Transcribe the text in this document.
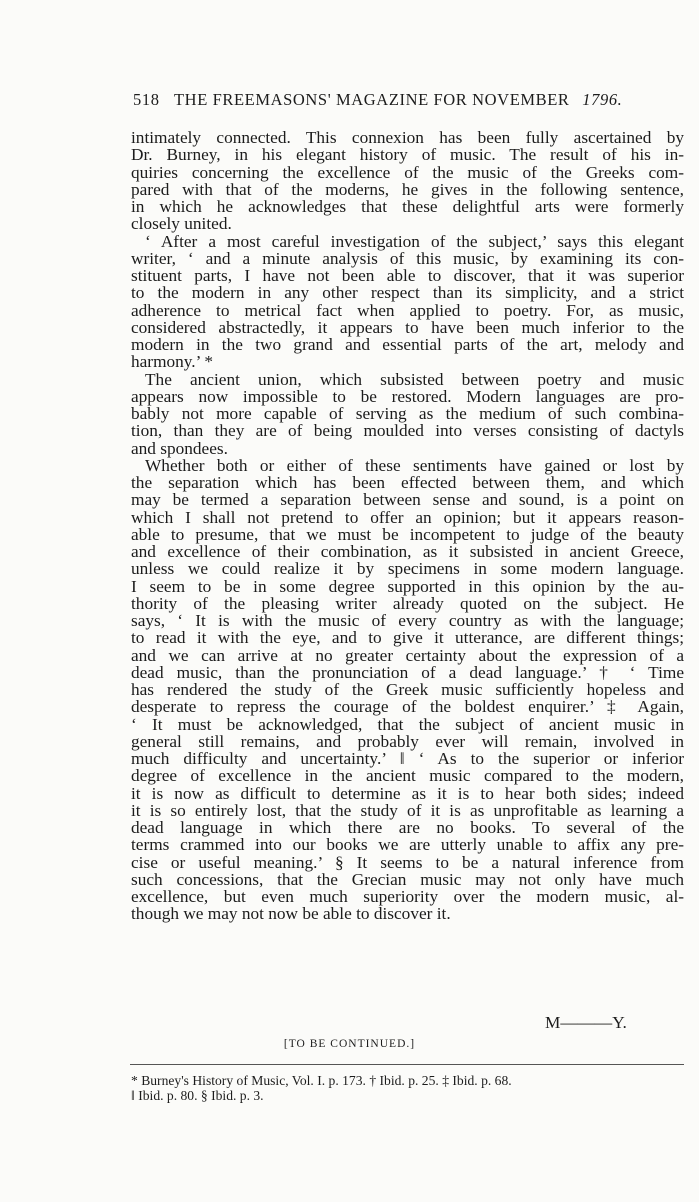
518 THE FREEMASONS' MAGAZINE FOR NOVEMBER 1796.
intimately connected. This connexion has been fully ascertained by
Dr. Burney, in his elegant history of music. The result of his in-
quiries concerning the excellence of the music of the Greeks com-
pared with that of the moderns, he gives in the following sentence,
in which he acknowledges that these delightful arts were formerly
closely united.
‘ After a most careful investigation of the subject,’ says this elegant
writer, ‘ and a minute analysis of this music, by examining its con-
stituent parts, I have not been able to discover, that it was superior
to the modern in any other respect than its simplicity, and a strict
adherence to metrical fact when applied to poetry. For, as music,
considered abstractedly, it appears to have been much inferior to the
modern in the two grand and essential parts of the art, melody and
harmony.’ *
The ancient union, which subsisted between poetry and music
appears now impossible to be restored. Modern languages are pro-
bably not more capable of serving as the medium of such combina-
tion, than they are of being moulded into verses consisting of dactyls
and spondees.
Whether both or either of these sentiments have gained or lost by
the separation which has been effected between them, and which
may be termed a separation between sense and sound, is a point on
which I shall not pretend to offer an opinion; but it appears reason-
able to presume, that we must be incompetent to judge of the beauty
and excellence of their combination, as it subsisted in ancient Greece,
unless we could realize it by specimens in some modern language.
I seem to be in some degree supported in this opinion by the au-
thority of the pleasing writer already quoted on the subject. He
says, ‘ It is with the music of every country as with the language;
to read it with the eye, and to give it utterance, are different things;
and we can arrive at no greater certainty about the expression of a
dead music, than the pronunciation of a dead language.’ † ‘ Time
has rendered the study of the Greek music sufficiently hopeless and
desperate to repress the courage of the boldest enquirer.’ ‡ Again,
‘ It must be acknowledged, that the subject of ancient music in
general still remains, and probably ever will remain, involved in
much difficulty and uncertainty.’ ‖ ‘ As to the superior or inferior
degree of excellence in the ancient music compared to the modern,
it is now as difficult to determine as it is to hear both sides; indeed
it is so entirely lost, that the study of it is as unprofitable as learning a
dead language in which there are no books. To several of the
terms crammed into our books we are utterly unable to affix any pre-
cise or useful meaning.’ § It seems to be a natural inference from
such concessions, that the Grecian music may not only have much
excellence, but even much superiority over the modern music, al-
though we may not now be able to discover it.
M———Y.
[TO BE CONTINUED.]
* Burney's History of Music, Vol. I. p. 173. † Ibid. p. 25. ‡ Ibid. p. 68.
‖ Ibid. p. 80. § Ibid. p. 3.
